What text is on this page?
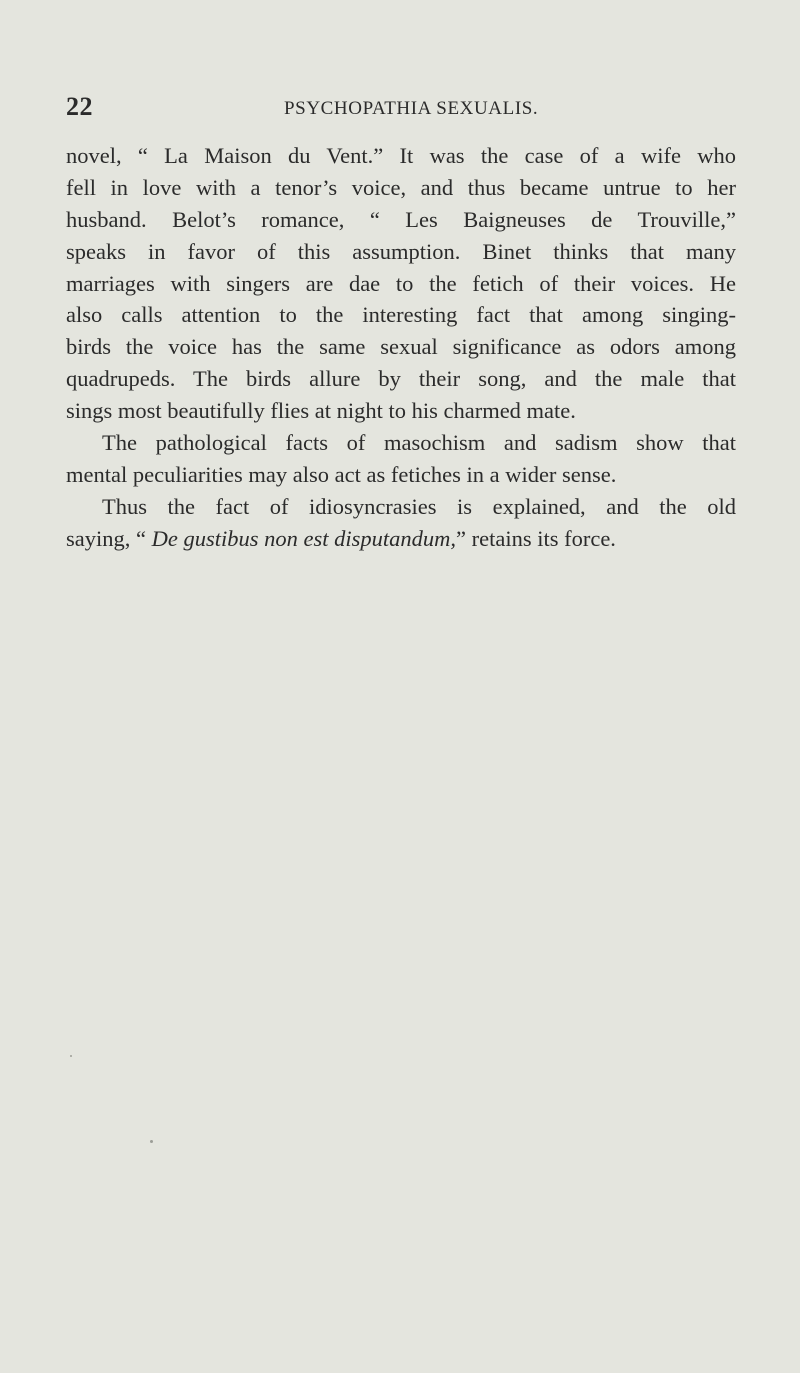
22	PSYCHOPATHIA SEXUALIS.
novel, “ La Maison du Vent.” It was the case of a wife who
fell in love with a tenor’s voice, and thus became untrue to her
husband. Belot’s romance, “ Les Baigneuses de Trouville,”
speaks in favor of this assumption. Binet thinks that many
marriages with singers are dae to the fetich of their voices. He
also calls attention to the interesting fact that among singing-
birds the voice has the same sexual significance as odors among
quadrupeds. The birds allure by their song, and the male that
sings most beautifully flies at night to his charmed mate.
The pathological facts of masochism and sadism show that
mental peculiarities may also act as fetiches in a wider sense.
Thus the fact of idiosyncrasies is explained, and the old
saying, “ De gustibus non est disputandum,” retains its force.
